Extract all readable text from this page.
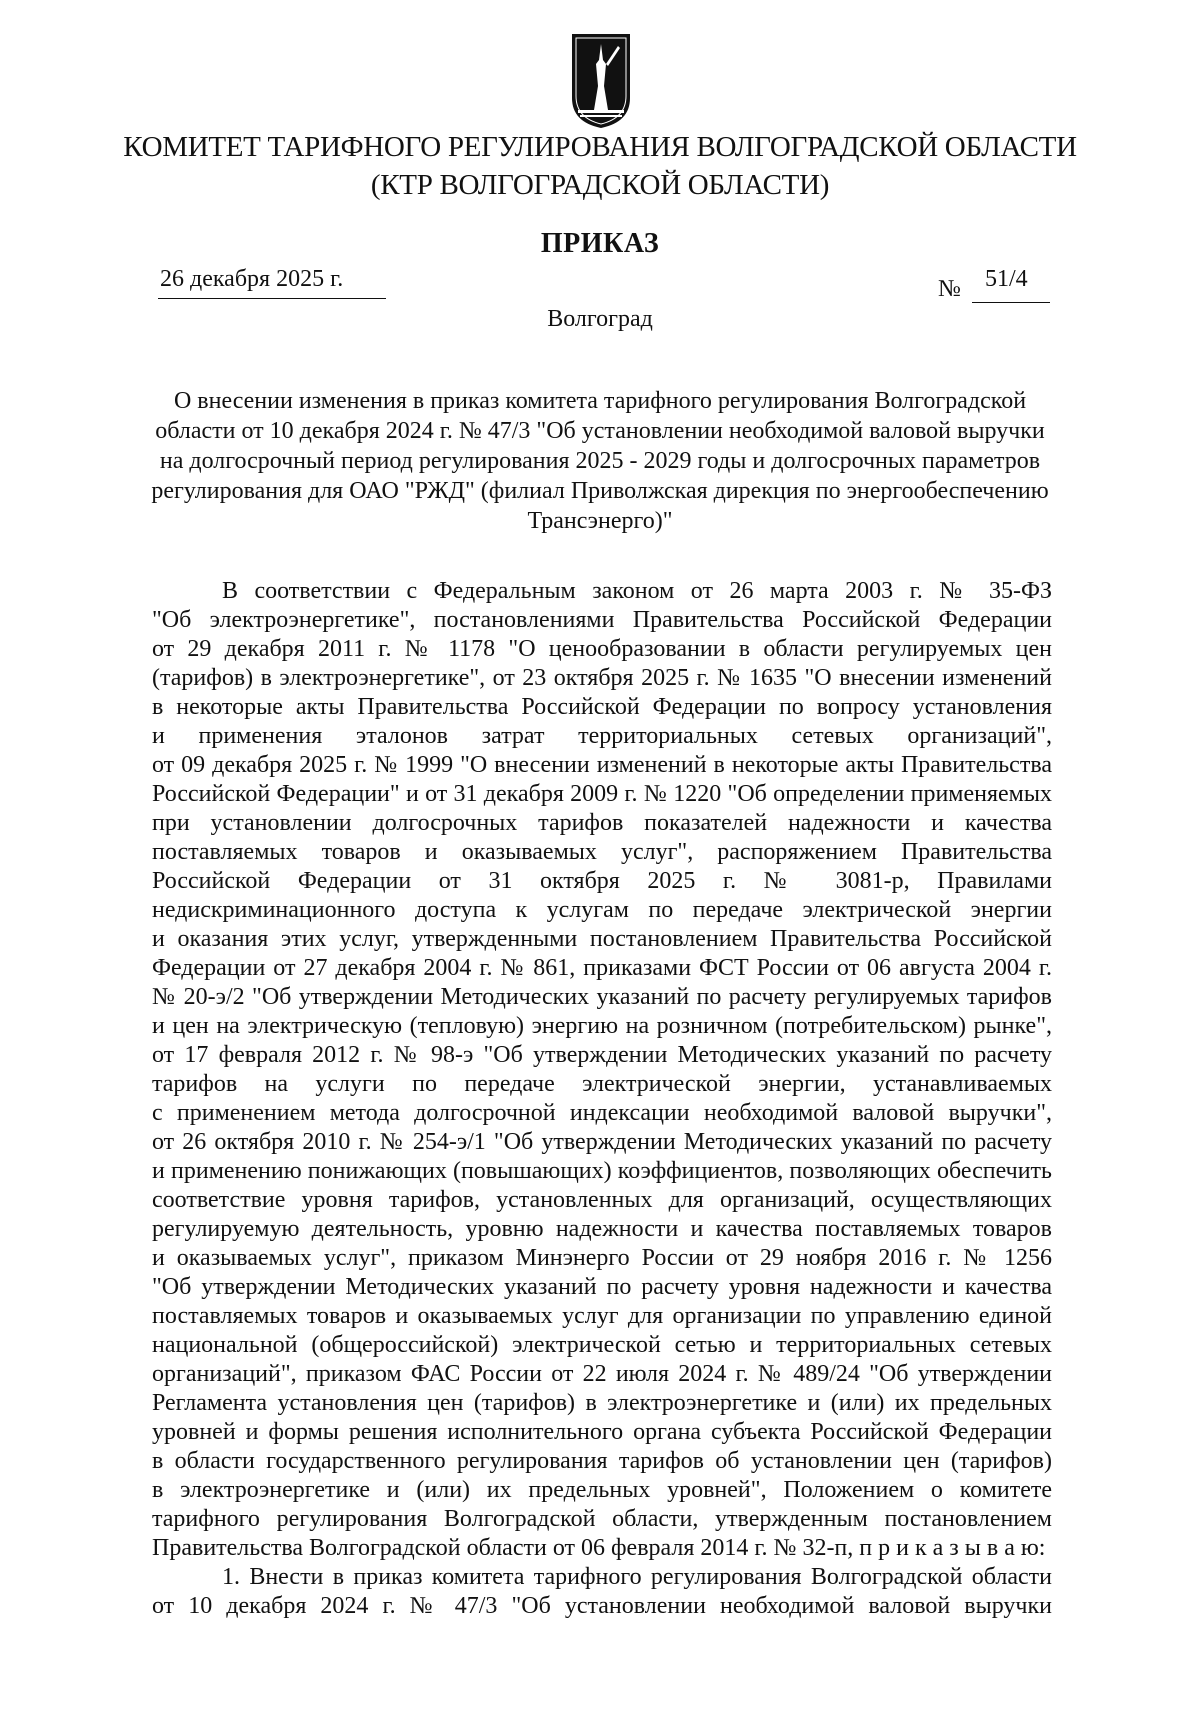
КОМИТЕТ ТАРИФНОГО РЕГУЛИРОВАНИЯ ВОЛГОГРАДСКОЙ ОБЛАСТИ
(КТР ВОЛГОГРАДСКОЙ ОБЛАСТИ)
ПРИКАЗ
26 декабря 2025 г.	№ 51/4
Волгоград
О внесении изменения в приказ комитета тарифного регулирования Волгоградской
области от 10 декабря 2024 г. № 47/3 "Об установлении необходимой валовой выручки
на долгосрочный период регулирования 2025 - 2029 годы и долгосрочных параметров
регулирования для ОАО "РЖД" (филиал Приволжская дирекция по энергообеспечению
Трансэнерго)"
В соответствии с Федеральным законом от 26 марта 2003 г. № 35-ФЗ
"Об электроэнергетике", постановлениями Правительства Российской Федерации
от 29 декабря 2011 г. № 1178 "О ценообразовании в области регулируемых цен
(тарифов) в электроэнергетике", от 23 октября 2025 г. № 1635 "О внесении изменений
в некоторые акты Правительства Российской Федерации по вопросу установления
и применения эталонов затрат территориальных сетевых организаций",
от 09 декабря 2025 г. № 1999 "О внесении изменений в некоторые акты Правительства
Российской Федерации" и от 31 декабря 2009 г. № 1220 "Об определении применяемых
при установлении долгосрочных тарифов показателей надежности и качества
поставляемых товаров и оказываемых услуг", распоряжением Правительства
Российской Федерации от 31 октября 2025 г. № 3081-р, Правилами
недискриминационного доступа к услугам по передаче электрической энергии
и оказания этих услуг, утвержденными постановлением Правительства Российской
Федерации от 27 декабря 2004 г. № 861, приказами ФСТ России от 06 августа 2004 г.
№ 20-э/2 "Об утверждении Методических указаний по расчету регулируемых тарифов
и цен на электрическую (тепловую) энергию на розничном (потребительском) рынке",
от 17 февраля 2012 г. № 98-э "Об утверждении Методических указаний по расчету
тарифов на услуги по передаче электрической энергии, устанавливаемых
с применением метода долгосрочной индексации необходимой валовой выручки",
от 26 октября 2010 г. № 254-э/1 "Об утверждении Методических указаний по расчету
и применению понижающих (повышающих) коэффициентов, позволяющих обеспечить
соответствие уровня тарифов, установленных для организаций, осуществляющих
регулируемую деятельность, уровню надежности и качества поставляемых товаров
и оказываемых услуг", приказом Минэнерго России от 29 ноября 2016 г. № 1256
"Об утверждении Методических указаний по расчету уровня надежности и качества
поставляемых товаров и оказываемых услуг для организации по управлению единой
национальной (общероссийской) электрической сетью и территориальных сетевых
организаций", приказом ФАС России от 22 июля 2024 г. № 489/24 "Об утверждении
Регламента установления цен (тарифов) в электроэнергетике и (или) их предельных
уровней и формы решения исполнительного органа субъекта Российской Федерации
в области государственного регулирования тарифов об установлении цен (тарифов)
в электроэнергетике и (или) их предельных уровней", Положением о комитете
тарифного регулирования Волгоградской области, утвержденным постановлением
Правительства Волгоградской области от 06 февраля 2014 г. № 32-п, п р и к а з ы в а ю:
1. Внести в приказ комитета тарифного регулирования Волгоградской области
от 10 декабря 2024 г. № 47/3 "Об установлении необходимой валовой выручки
